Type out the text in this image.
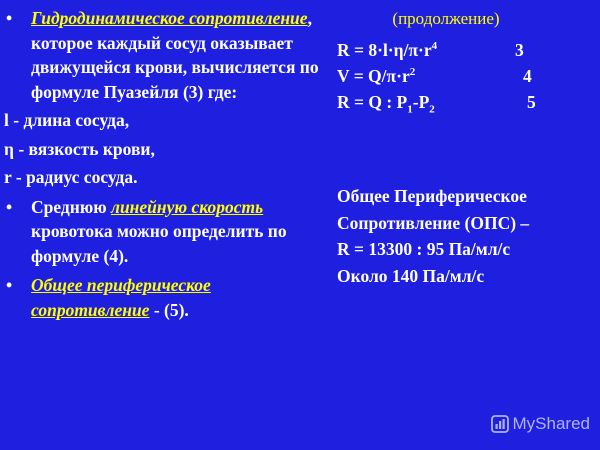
• Гидродинамическое сопротивление, которое каждый сосуд оказывает движущейся крови, вычисляется по формуле Пуазейля (3) где:
l - длина сосуда,
η - вязкость крови,
r - радиус сосуда.
• Среднюю линейную скорость кровотока можно определить по формуле (4).
• Общее периферическое сопротивление - (5).
(продолжение)
$R = 8\cdot l\cdot\eta/\pi\cdot r^4$	3
$V = Q/\pi\cdot r^2$	4
R = Q : $P_1-P_2$	5
Общее Периферическое
Сопротивление (ОПС) –
R = 13300 : 95 Па/мл/с
Около 140 Па/мл/с
MyShared
